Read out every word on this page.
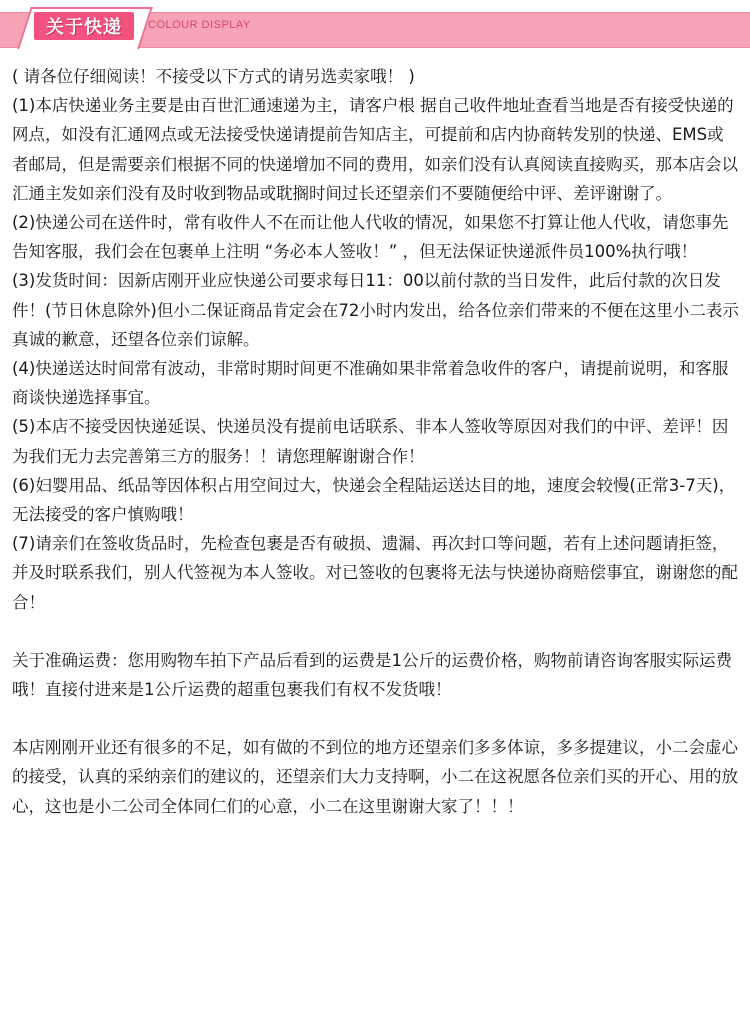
关于快递	COLOUR DISPLAY

( 请各位仔细阅读！不接受以下方式的请另选卖家哦！ )

(1)本店快递业务主要是由百世汇通速递为主，请客户根 据自己收件地址查看当地是否有接受快递的网点，如没有汇通网点或无法接受快递请提前告知店主，可提前和店内协商转发别的快递、EMS或者邮局，但是需要亲们根据不同的快递增加不同的费用，如亲们没有认真阅读直接购买，那本店会以汇通主发如亲们没有及时收到物品或耽搁时间过长还望亲们不要随便给中评、差评谢谢了。

(2)快递公司在送件时，常有收件人不在而让他人代收的情况，如果您不打算让他人代收，请您事先告知客服，我们会在包裹单上注明 “务必本人签收！” ，但无法保证快递派件员100%执行哦！

(3)发货时间：因新店刚开业应快递公司要求每日11：00以前付款的当日发件，此后付款的次日发件！(节日休息除外)但小二保证商品肯定会在72小时内发出，给各位亲们带来的不便在这里小二表示真诚的歉意，还望各位亲们谅解。

(4)快递送达时间常有波动，非常时期时间更不准确如果非常着急收件的客户，请提前说明，和客服商谈快递选择事宜。

(5)本店不接受因快递延误、快递员没有提前电话联系、非本人签收等原因对我们的中评、差评！因为我们无力去完善第三方的服务！！请您理解谢谢合作！

(6)妇婴用品、纸品等因体积占用空间过大，快递会全程陆运送达目的地，速度会较慢(正常3-7天)，无法接受的客户慎购哦！

(7)请亲们在签收货品时，先检查包裹是否有破损、遗漏、再次封口等问题，若有上述问题请拒签，并及时联系我们，别人代签视为本人签收。对已签收的包裹将无法与快递协商赔偿事宜，谢谢您的配合！

关于准确运费：您用购物车拍下产品后看到的运费是1公斤的运费价格，购物前请咨询客服实际运费哦！直接付进来是1公斤运费的超重包裹我们有权不发货哦！

本店刚刚开业还有很多的不足，如有做的不到位的地方还望亲们多多体谅，多多提建议，小二会虚心的接受，认真的采纳亲们的建议的，还望亲们大力支持啊，小二在这祝愿各位亲们买的开心、用的放心，这也是小二公司全体同仁们的心意，小二在这里谢谢大家了！！！
